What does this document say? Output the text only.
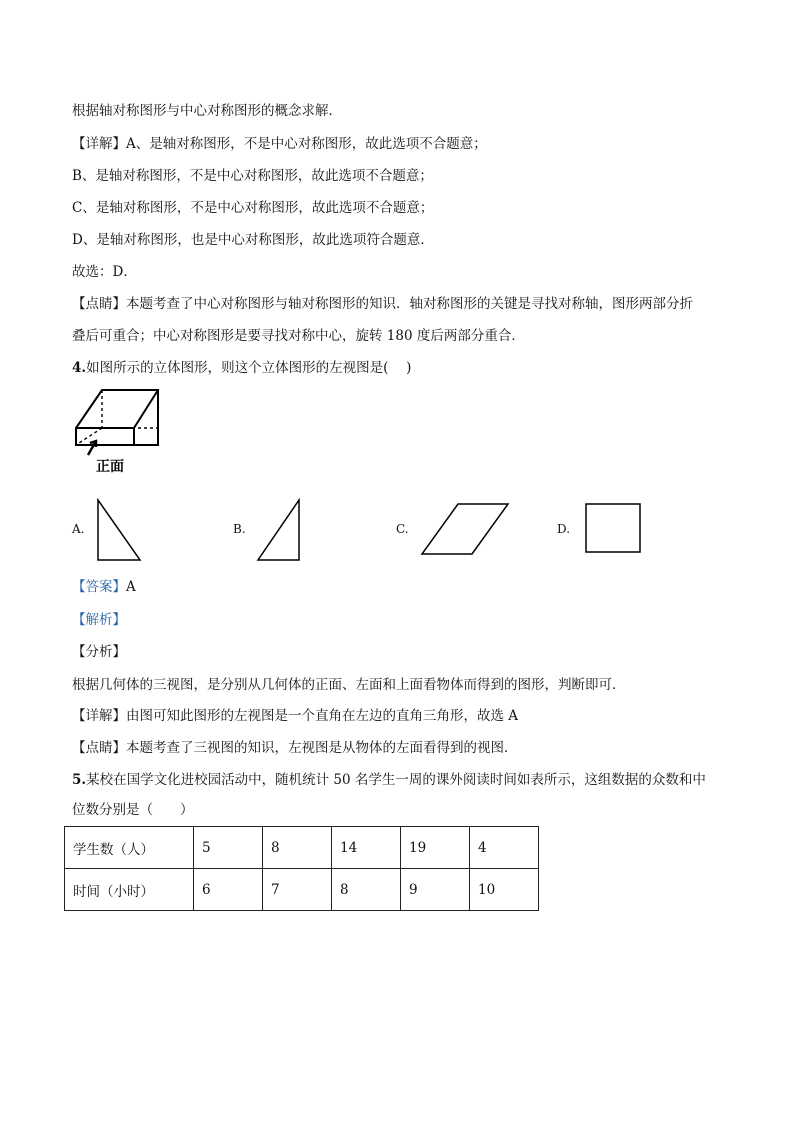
根据轴对称图形与中心对称图形的概念求解．
【详解】A、是轴对称图形，不是中心对称图形，故此选项不合题意；
B、是轴对称图形，不是中心对称图形，故此选项不合题意；
C、是轴对称图形，不是中心对称图形，故此选项不合题意；
D、是轴对称图形，也是中心对称图形，故此选项符合题意．
故选：D．
【点睛】本题考查了中心对称图形与轴对称图形的知识．轴对称图形的关键是寻找对称轴，图形两部分折
叠后可重合；中心对称图形是要寻找对称中心，旋转 180 度后两部分重合．
4.如图所示的立体图形，则这个立体图形的左视图是(　 )
正面
A.	B.	C.	D.
【答案】A
【解析】
【分析】
根据几何体的三视图，是分别从几何体的正面、左面和上面看物体而得到的图形，判断即可．
【详解】由图可知此图形的左视图是一个直角在左边的直角三角形，故选 A
【点睛】本题考查了三视图的知识，左视图是从物体的左面看得到的视图．
5.某校在国学文化进校园活动中，随机统计 50 名学生一周的课外阅读时间如表所示，这组数据的众数和中
位数分别是（　　）
学生数（人）	5	8	14	19	4
时间（小时）	6	7	8	9	10
